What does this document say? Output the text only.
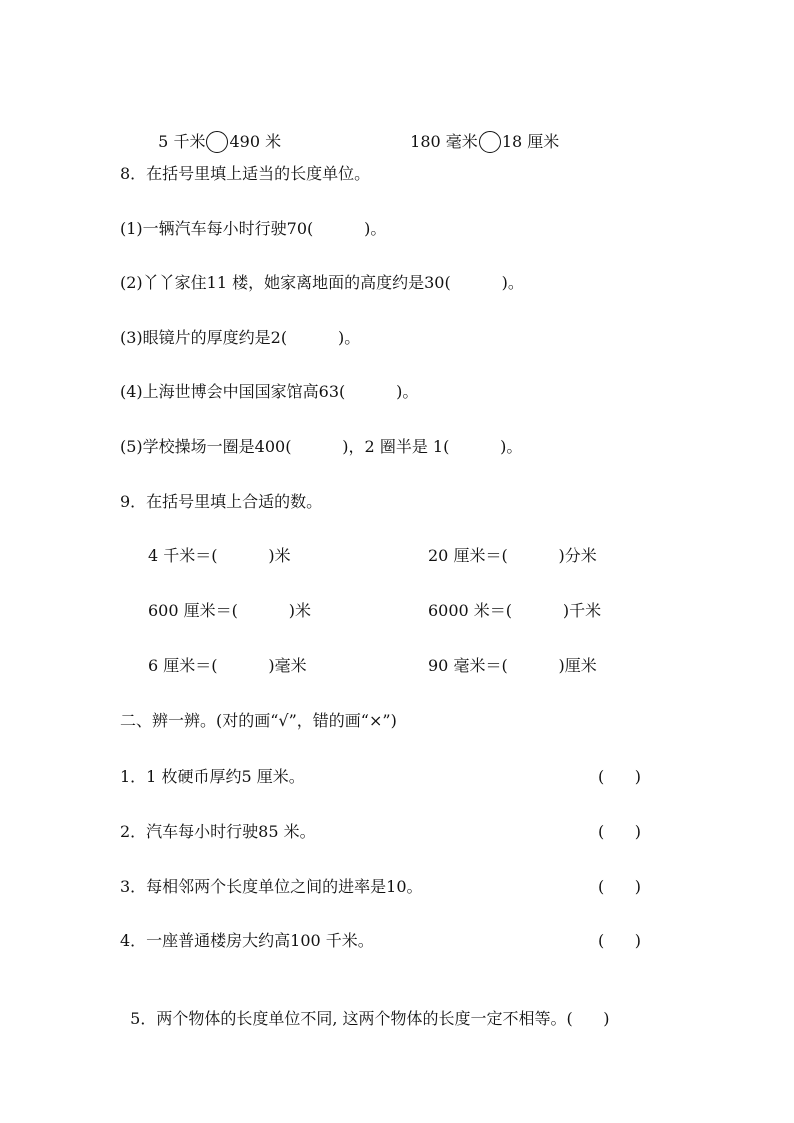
5 千米 490 米	180 毫米 18 厘米

8．在括号里填上适当的长度单位。
(1)一辆汽车每小时行驶70(          )。
(2)丫丫家住11 楼，她家离地面的高度约是30(          )。
(3)眼镜片的厚度约是2(          )。
(4)上海世博会中国国家馆高63(          )。
(5)学校操场一圈是400(          )，2 圈半是 1(          )。
9．在括号里填上合适的数。
4 千米＝(          )米	20 厘米＝(          )分米
600 厘米＝(          )米	6000 米＝(          )千米
6 厘米＝(          )毫米	90 毫米＝(          )厘米
二、辨一辨。(对的画“√”，错的画“×”)
1．1 枚硬币厚约5 厘米。	(      )
2．汽车每小时行驶85 米。	(      )
3．每相邻两个长度单位之间的进率是10。	(      )
4．一座普通楼房大约高100 千米。	(      )

5．两个物体的长度单位不同, 这两个物体的长度一定不相等。(      )
